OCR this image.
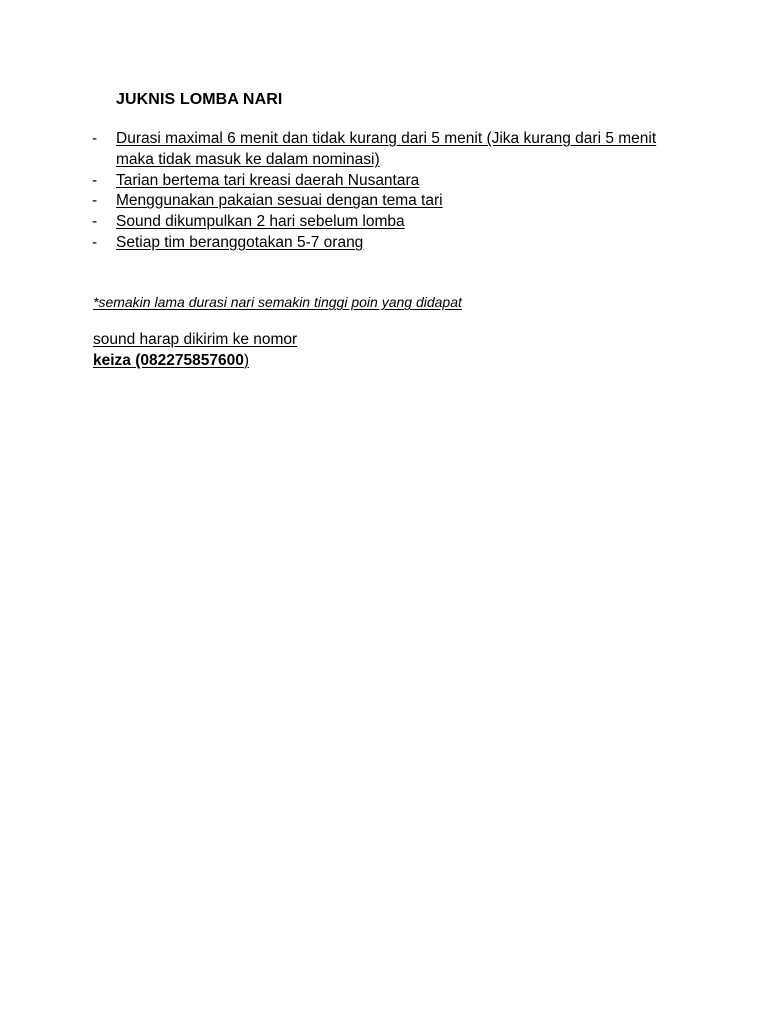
JUKNIS LOMBA NARI
- Durasi maximal 6 menit dan tidak kurang dari 5 menit (Jika kurang dari 5 menit maka tidak masuk ke dalam nominasi)
- Tarian bertema tari kreasi daerah Nusantara
- Menggunakan pakaian sesuai dengan tema tari
- Sound dikumpulkan 2 hari sebelum lomba
- Setiap tim beranggotakan 5-7 orang
*semakin lama durasi nari semakin tinggi poin yang didapat
sound harap dikirim ke nomor
keiza (082275857600)
